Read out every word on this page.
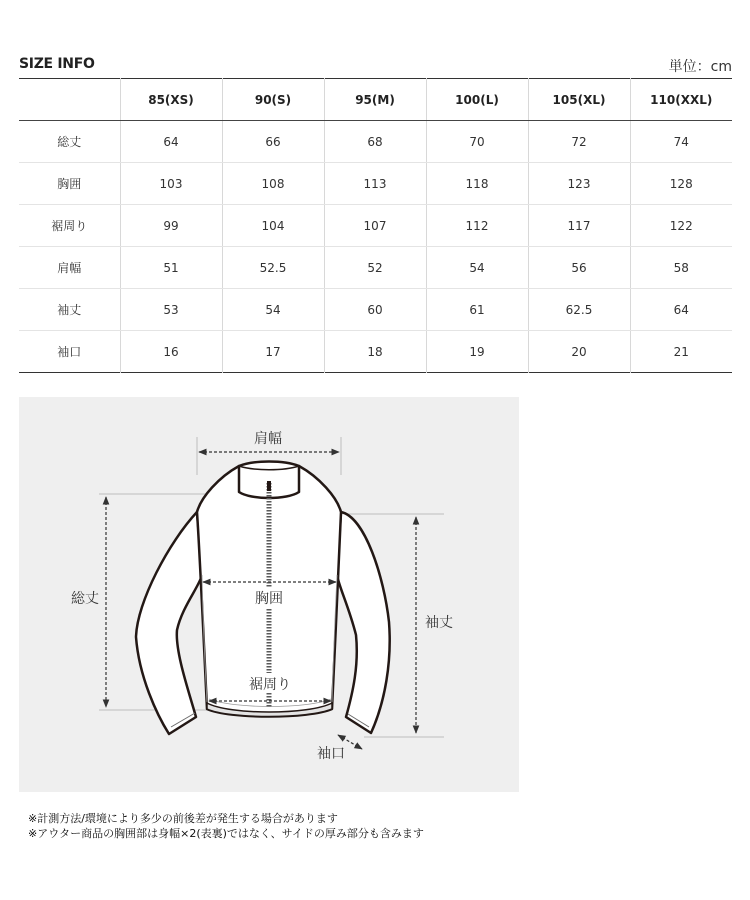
SIZE INFO	単位：cm
	85(XS)	90(S)	95(M)	100(L)	105(XL)	110(XXL)
総丈	64	66	68	70	72	74
胸囲	103	108	113	118	123	128
裾周り	99	104	107	112	117	122
肩幅	51	52.5	52	54	56	58
袖丈	53	54	60	61	62.5	64
袖口	16	17	18	19	20	21
肩幅
総丈	胸囲
袖丈
裾周り
袖口
※計測方法/環境により多少の前後差が発生する場合があります
※アウター商品の胸囲部は身幅×2(表裏)ではなく、サイドの厚み部分も含みます
